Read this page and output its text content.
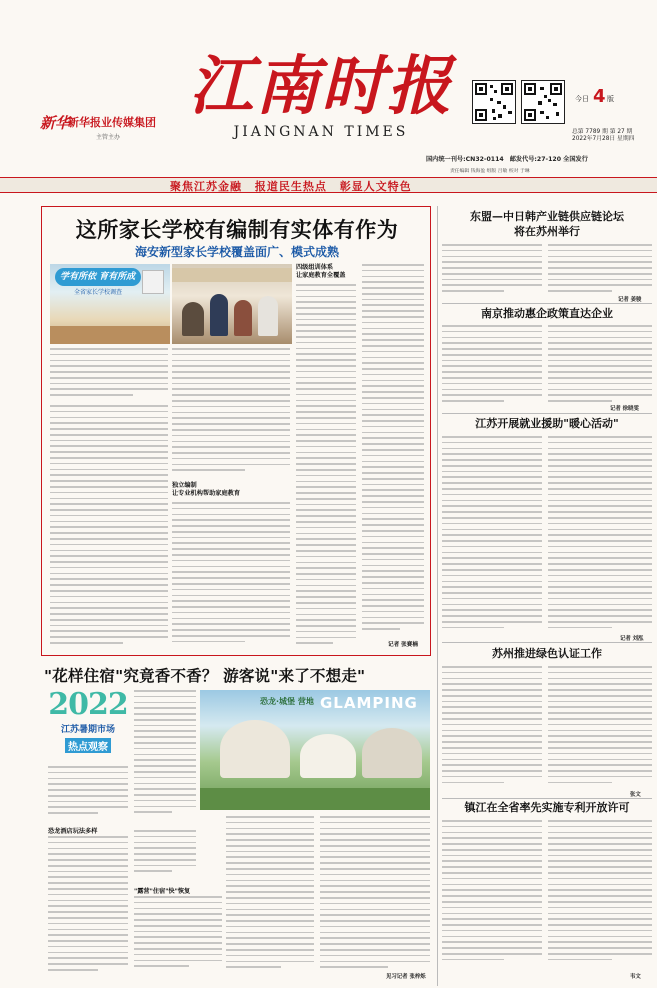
新华
新华报业传媒集团
主管主办
江南时报
JIANGNAN TIMES
今日 4 版
总第 7789 期 第 27 期
2022年7月28日 星期四
国内统一刊号:CN32-0114 邮发代号:27-120 全国发行
责任编辑 钱海盈 组版 吕敏 校对 于琳
聚焦江苏金融 报道民生热点 彰显人文特色
这所家长学校有编制有实体有作为
海安新型家长学校覆盖面广、模式成熟
学有所依 育有所成
全省家长学校调查
独立编制
让专业机构帮助家庭教育
四级组训体系
让家庭教育全覆盖
记者 张赛楠
东盟—中日韩产业链供应链论坛
将在苏州举行
记者 姜骏
南京推动惠企政策直达企业
记者 徐晓雯
江苏开展就业援助"暖心活动"
记者 刘泓
苏州推进绿色认证工作
张文
镇江在全省率先实施专利开放许可
韦文
"花样住宿"究竟香不香？ 游客说"来了不想走"
2022
江苏暑期市场
热点观察
恐龙酒店玩法多样
"露营"住宿"快"恢复
恐龙·城堡 营地 GLAMPING
见习记者 张梓烁
